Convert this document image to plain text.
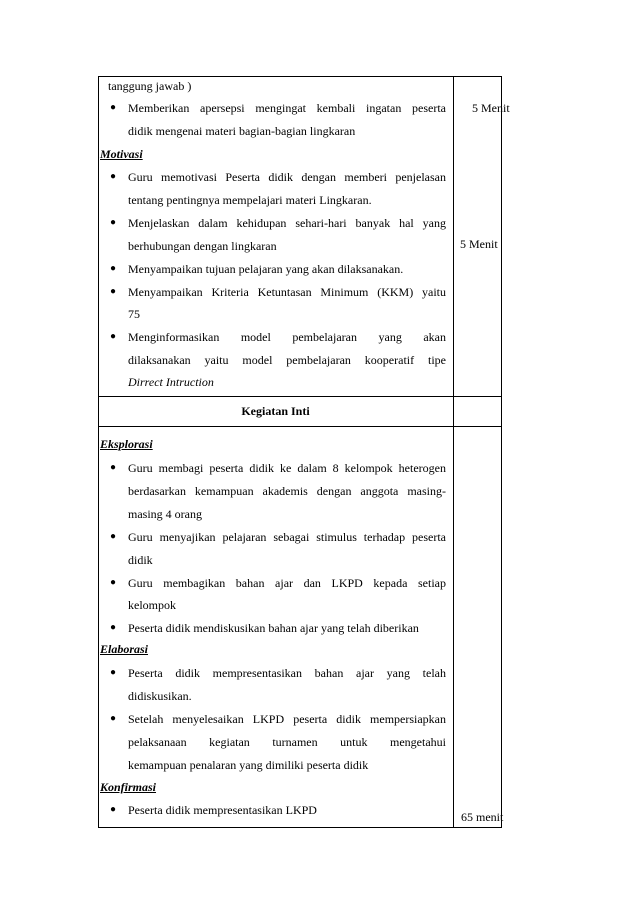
tanggung jawab )
● Memberikan apersepsi mengingat kembali ingatan peserta
didik mengenai materi bagian-bagian lingkaran
Motivasi
● Guru memotivasi Peserta didik dengan memberi penjelasan
tentang pentingnya mempelajari materi Lingkaran.
● Menjelaskan dalam kehidupan sehari-hari banyak hal yang
berhubungan dengan lingkaran
● Menyampaikan tujuan pelajaran yang akan dilaksanakan.
● Menyampaikan Kriteria Ketuntasan Minimum (KKM) yaitu
75
● Menginformasikan model pembelajaran yang akan
dilaksanakan yaitu model pembelajaran kooperatif tipe
Dirrect Intruction
5 Menit
5 Menit
Kegiatan Inti
Eksplorasi
● Guru membagi peserta didik ke dalam 8 kelompok heterogen
berdasarkan kemampuan akademis dengan anggota masing-
masing 4 orang
● Guru menyajikan pelajaran sebagai stimulus terhadap peserta
didik
● Guru membagikan bahan ajar dan LKPD kepada setiap
kelompok
● Peserta didik mendiskusikan bahan ajar yang telah diberikan
Elaborasi
● Peserta didik mempresentasikan bahan ajar yang telah
didiskusikan.
● Setelah menyelesaikan LKPD peserta didik mempersiapkan
pelaksanaan kegiatan turnamen untuk mengetahui
kemampuan penalaran yang dimiliki peserta didik
Konfirmasi
● Peserta didik mempresentasikan LKPD	65 menit
